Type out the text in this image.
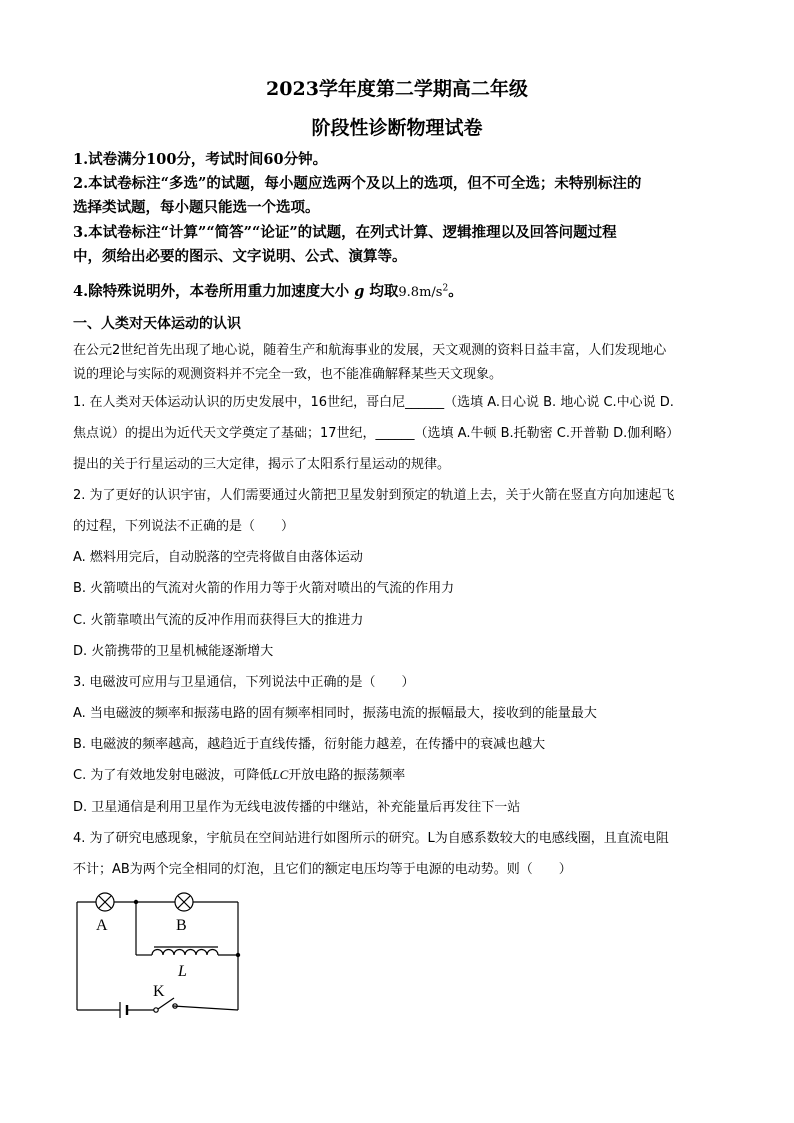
2023学年度第二学期高二年级
阶段性诊断物理试卷
1.试卷满分100分，考试时间60分钟。
2.本试卷标注“多选”的试题，每小题应选两个及以上的选项，但不可全选；未特别标注的
选择类试题，每小题只能选一个选项。
3.本试卷标注“计算”“简答”“论证”的试题，在列式计算、逻辑推理以及回答问题过程
中，须给出必要的图示、文字说明、公式、演算等。
4.除特殊说明外，本卷所用重力加速度大小 g 均取$9.8m/s^2$。
一、人类对天体运动的认识
在公元2世纪首先出现了地心说，随着生产和航海事业的发展，天文观测的资料日益丰富，人们发现地心
说的理论与实际的观测资料并不完全一致，也不能准确解释某些天文现象。
1. 在人类对天体运动认识的历史发展中，16世纪，哥白尼______（选填 A.日心说 B. 地心说 C.中心说 D.
焦点说）的提出为近代天文学奠定了基础；17世纪，______（选填 A.牛顿 B.托勒密 C.开普勒 D.伽利略）
提出的关于行星运动的三大定律，揭示了太阳系行星运动的规律。
2. 为了更好的认识宇宙，人们需要通过火箭把卫星发射到预定的轨道上去，关于火箭在竖直方向加速起飞
的过程，下列说法不正确的是（　　）
A. 燃料用完后，自动脱落的空壳将做自由落体运动
B. 火箭喷出的气流对火箭的作用力等于火箭对喷出的气流的作用力
C. 火箭靠喷出气流的反冲作用而获得巨大的推进力
D. 火箭携带的卫星机械能逐渐增大
3. 电磁波可应用与卫星通信，下列说法中正确的是（　　）
A. 当电磁波的频率和振荡电路的固有频率相同时，振荡电流的振幅最大，接收到的能量最大
B. 电磁波的频率越高，越趋近于直线传播，衍射能力越差，在传播中的衰减也越大
C. 为了有效地发射电磁波，可降低LC开放电路的振荡频率
D. 卫星通信是利用卫星作为无线电波传播的中继站，补充能量后再发往下一站
4. 为了研究电感现象，宇航员在空间站进行如图所示的研究。L为自感系数较大的电感线圈，且直流电阻
不计；AB为两个完全相同的灯泡，且它们的额定电压均等于电源的电动势。则（　　）
A	B
L
K
